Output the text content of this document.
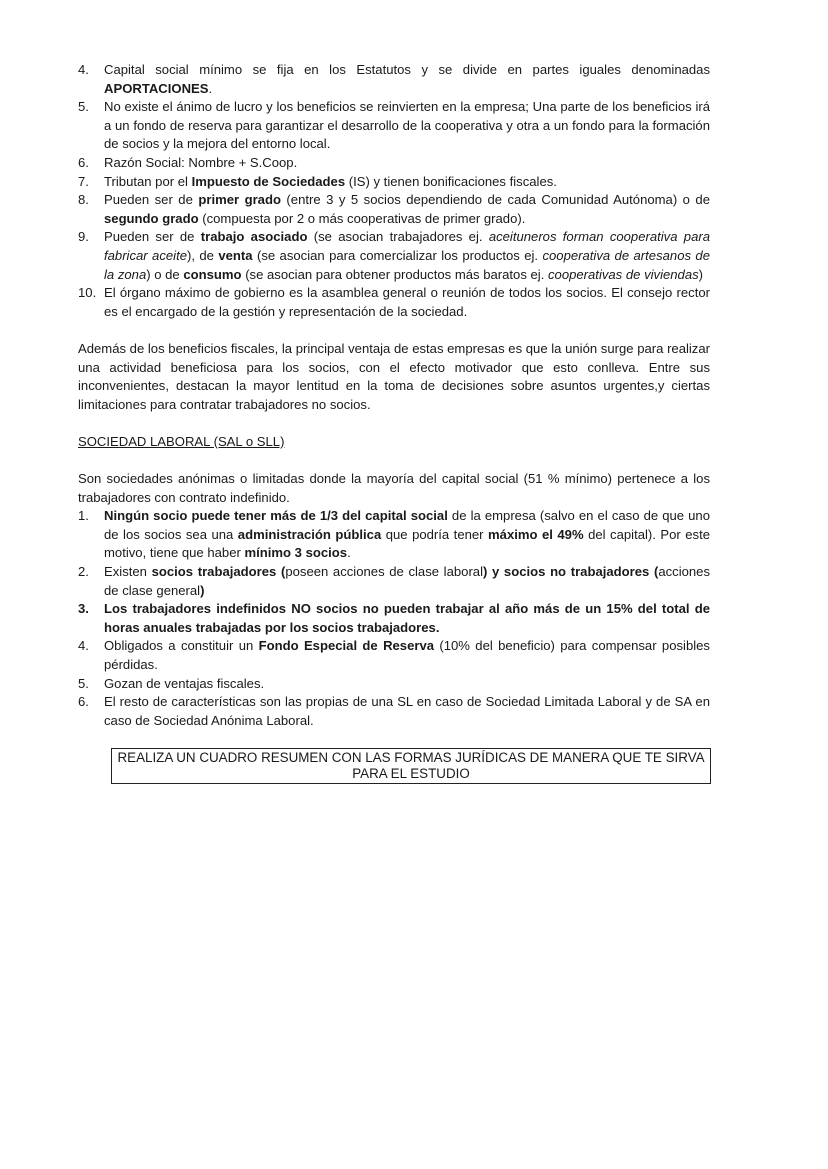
4. Capital social mínimo se fija en los Estatutos y se divide en partes iguales denominadas APORTACIONES.
5. No existe el ánimo de lucro y los beneficios se reinvierten en la empresa; Una parte de los beneficios irá a un fondo de reserva para garantizar el desarrollo de la cooperativa y otra a un fondo para la formación de socios y la mejora del entorno local.
6. Razón Social: Nombre + S.Coop.
7. Tributan por el Impuesto de Sociedades (IS) y tienen bonificaciones fiscales.
8. Pueden ser de primer grado (entre 3 y 5 socios dependiendo de cada Comunidad Autónoma) o de segundo grado (compuesta por 2 o más cooperativas de primer grado).
9. Pueden ser de trabajo asociado (se asocian trabajadores ej. aceituneros forman cooperativa para fabricar aceite), de venta (se asocian para comercializar los productos ej. cooperativa de artesanos de la zona) o de consumo (se asocian para obtener productos más baratos ej. cooperativas de viviendas)
10. El órgano máximo de gobierno es la asamblea general o reunión de todos los socios. El consejo rector es el encargado de la gestión y representación de la sociedad.

Además de los beneficios fiscales, la principal ventaja de estas empresas es que la unión surge para realizar una actividad beneficiosa para los socios, con el efecto motivador que esto conlleva. Entre sus inconvenientes, destacan la mayor lentitud en la toma de decisiones sobre asuntos urgentes,y ciertas limitaciones para contratar trabajadores no socios.

SOCIEDAD LABORAL (SAL o SLL)

Son sociedades anónimas o limitadas donde la mayoría del capital social (51 % mínimo) pertenece a los trabajadores con contrato indefinido.

1. Ningún socio puede tener más de 1/3 del capital social de la empresa (salvo en el caso de que uno de los socios sea una administración pública que podría tener máximo el 49% del capital). Por este motivo, tiene que haber mínimo 3 socios.
2. Existen socios trabajadores (poseen acciones de clase laboral) y socios no trabajadores (acciones de clase general)
3. Los trabajadores indefinidos NO socios no pueden trabajar al año más de un 15% del total de horas anuales trabajadas por los socios trabajadores.
4. Obligados a constituir un Fondo Especial de Reserva (10% del beneficio) para compensar posibles pérdidas.
5. Gozan de ventajas fiscales.
6. El resto de características son las propias de una SL en caso de Sociedad Limitada Laboral y de SA en caso de Sociedad Anónima Laboral.
REALIZA UN CUADRO RESUMEN CON LAS FORMAS JURÍDICAS DE MANERA QUE TE SIRVA PARA EL ESTUDIO
